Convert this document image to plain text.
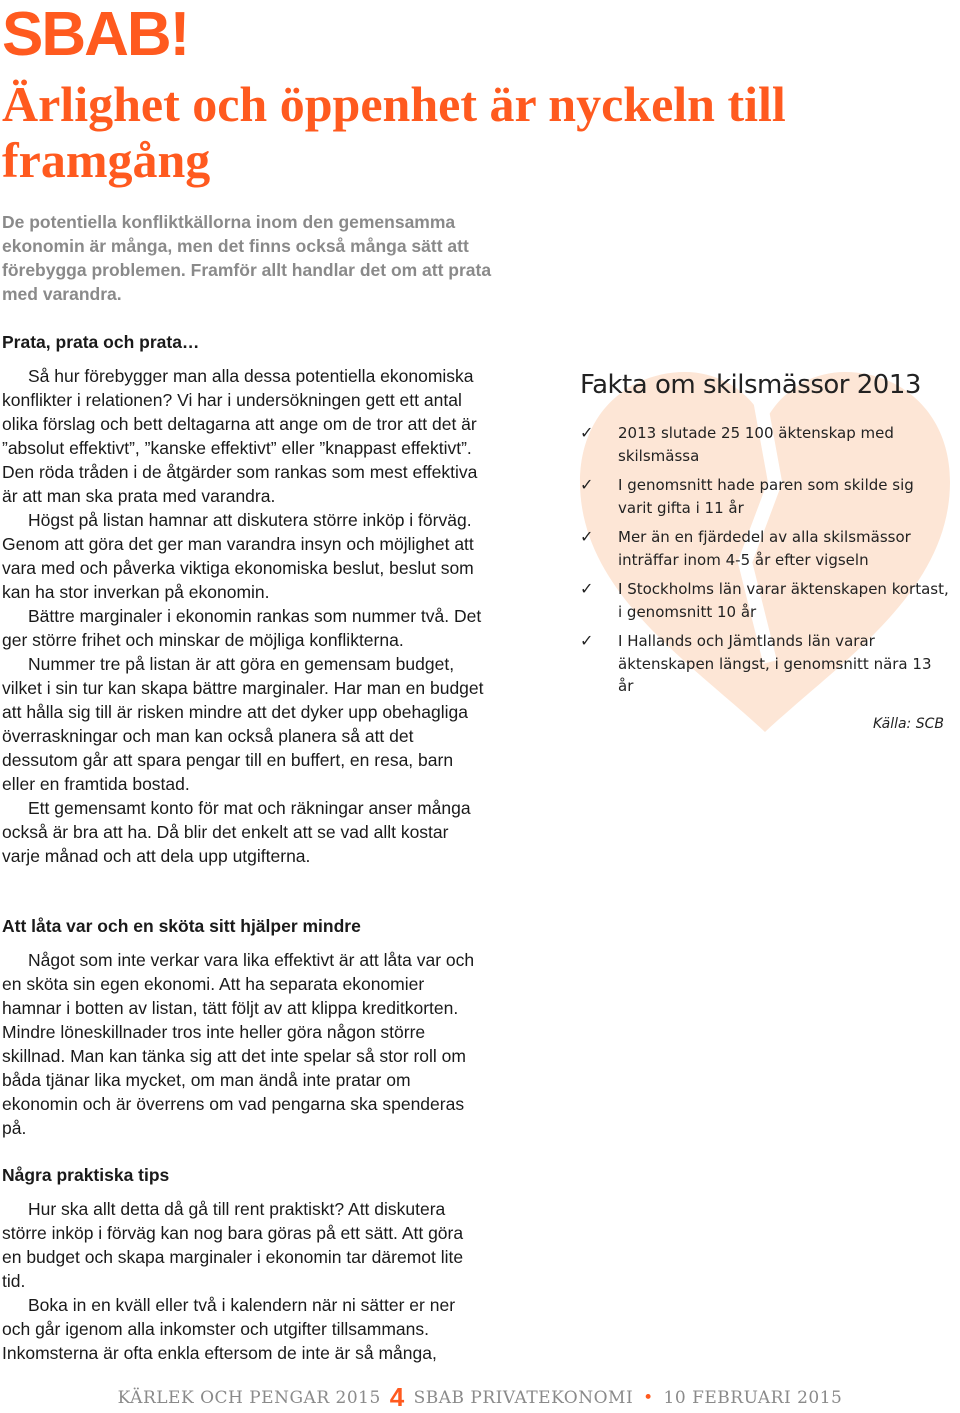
SBAB!
Ärlighet och öppenhet är nyckeln till framgång

De potentiella konfliktkällorna inom den gemensamma ekonomin är många, men det finns också många sätt att förebygga problemen. Framför allt handlar det om att prata med varandra.

Prata, prata och prata…

Så hur förebygger man alla dessa potentiella ekonomiska konflikter i relationen? Vi har i undersökningen gett ett antal olika förslag och bett deltagarna att ange om de tror att det är ”absolut effektivt”, ”kanske effektivt” eller ”knappast effektivt”. Den röda tråden i de åtgärder som rankas som mest effektiva är att man ska prata med varandra.

Högst på listan hamnar att diskutera större inköp i förväg. Genom att göra det ger man varandra insyn och möjlighet att vara med och påverka viktiga ekonomiska beslut, beslut som kan ha stor inverkan på ekonomin.

Bättre marginaler i ekonomin rankas som nummer två. Det ger större frihet och minskar de möjliga konflikterna.

Nummer tre på listan är att göra en gemensam budget, vilket i sin tur kan skapa bättre marginaler. Har man en budget att hålla sig till är risken mindre att det dyker upp obehagliga överraskningar och man kan också planera så att det dessutom går att spara pengar till en buffert, en resa, barn eller en framtida bostad.

Ett gemensamt konto för mat och räkningar anser många också är bra att ha. Då blir det enkelt att se vad allt kostar varje månad och att dela upp utgifterna.

Att låta var och en sköta sitt hjälper mindre

Något som inte verkar vara lika effektivt är att låta var och en sköta sin egen ekonomi. Att ha separata ekonomier hamnar i botten av listan, tätt följt av att klippa kreditkorten. Mindre löneskillnader tros inte heller göra någon större skillnad. Man kan tänka sig att det inte spelar så stor roll om båda tjänar lika mycket, om man ändå inte pratar om ekonomin och är överrens om vad pengarna ska spenderas på.

Några praktiska tips

Hur ska allt detta då gå till rent praktiskt? Att diskutera större inköp i förväg kan nog bara göras på ett sätt. Att göra en budget och skapa marginaler i ekonomin tar däremot lite tid.

Boka in en kväll eller två i kalendern när ni sätter er ner och går igenom alla inkomster och utgifter tillsammans. Inkomsterna är ofta enkla eftersom de inte är så många,

Fakta om skilsmässor 2013
✓	2013 slutade 25 100 äktenskap med skilsmässa
✓	I genomsnitt hade paren som skilde sig varit gifta i 11 år
✓	Mer än en fjärdedel av alla skilsmässor inträffar inom 4-5 år efter vigseln
✓	I Stockholms län varar äktenskapen kortast, i genomsnitt 10 år
✓	I Hallands och Jämtlands län varar äktenskapen längst, i genomsnitt nära 13 år
Källa: SCB
KÄRLEK OCH PENGAR 2015 4 SBAB PRIVATEKONOMI • 10 FEBRUARI 2015
